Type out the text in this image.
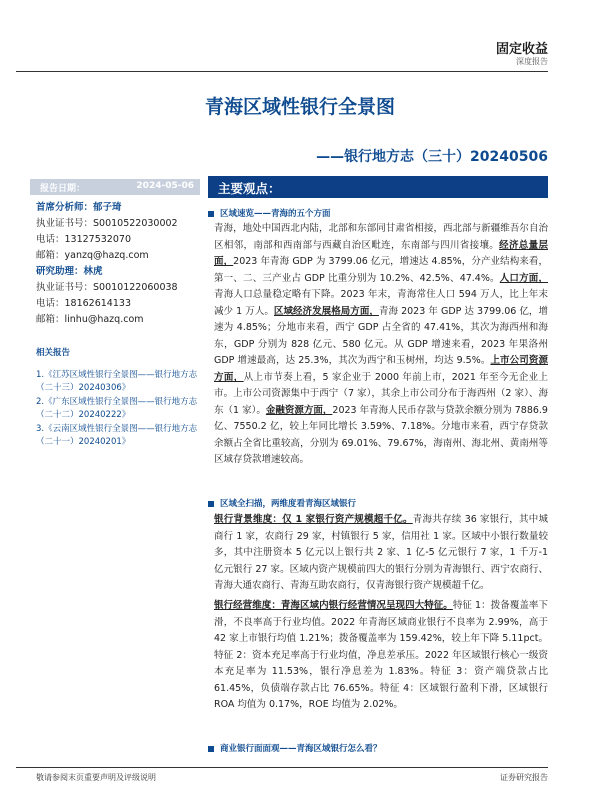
固定收益
深度报告
青海区域性银行全景图
——银行地方志（三十）20240506
报告日期：	2024-05-06 主要观点：
首席分析师：郁子琦
执业证书号：S0010522030002
电话：13127532070
邮箱：yanzq@hazq.com
研究助理：林虎
执业证书号：S0010122060038
电话：18162614133
邮箱：linhu@hazq.com
相关报告
1.《江苏区域性银行全景图——银行地方志（二十三）20240306》
2.《广东区域性银行全景图——银行地方志（二十二）20240222》
3.《云南区域性银行全景图——银行地方志（二十一）20240201》
区域速览——青海的五个方面
青海，地处中国西北内陆，北部和东部同甘肃省相接，西北部与新疆维吾尔自治区相邻，南部和西南部与西藏自治区毗连，东南部与四川省接壤。经济总量层面，2023 年青海 GDP 为 3799.06 亿元，增速达 4.85%，分产业结构来看，第一、二、三产业占 GDP 比重分别为 10.2%、42.5%、47.4%。人口方面，青海人口总量稳定略有下降。2023 年末，青海常住人口 594 万人，比上年末减少 1 万人。区域经济发展格局方面，青海 2023 年 GDP 达 3799.06 亿，增速为 4.85%；分地市来看，西宁 GDP 占全省的 47.41%，其次为海西州和海东，GDP 分别为 828 亿元、580 亿元。从 GDP 增速来看，2023 年果洛州 GDP 增速最高，达 25.3%，其次为西宁和玉树州，均达 9.5%。上市公司资源方面，从上市节奏上看，5 家企业于 2000 年前上市，2021 年至今无企业上市。上市公司资源集中于西宁（7 家），其余上市公司分布于海西州（2 家）、海东（1 家）。金融资源方面，2023 年青海人民币存款与贷款余额分别为 7886.9 亿、7550.2 亿，较上年同比增长 3.59%、7.18%。分地市来看，西宁存贷款余额占全省比重较高，分别为 69.01%、79.67%，海南州、海北州、黄南州等区域存贷款增速较高。
区域全扫描，两维度看青海区域银行
银行背景维度：仅 1 家银行资产规模超千亿。青海共存续 36 家银行，其中城商行 1 家，农商行 29 家，村镇银行 5 家，信用社 1 家。区域中小银行数量较多，其中注册资本 5 亿元以上银行共 2 家、1 亿-5 亿元银行 7 家，1 千万-1 亿元银行 27 家。区域内资产规模前四大的银行分别为青海银行、西宁农商行、青海大通农商行、青海互助农商行，仅青海银行资产规模超千亿。
银行经营维度：青海区域内银行经营情况呈现四大特征。特征 1：拨备覆盖率下滑，不良率高于行业均值。2022 年青海区域商业银行不良率为 2.99%，高于 42 家上市银行均值 1.21%；拨备覆盖率为 159.42%，较上年下降 5.11pct。特征 2：资本充足率高于行业均值，净息差承压。2022 年区域银行核心一级资本充足率为 11.53%，银行净息差为 1.83%。特征 3：资产端贷款占比 61.45%，负债端存款占比 76.65%。特征 4：区域银行盈利下滑，区域银行 ROA 均值为 0.17%，ROE 均值为 2.02%。
商业银行面面观——青海区域银行怎么看？
敬请参阅末页重要声明及评级说明	证券研究报告
